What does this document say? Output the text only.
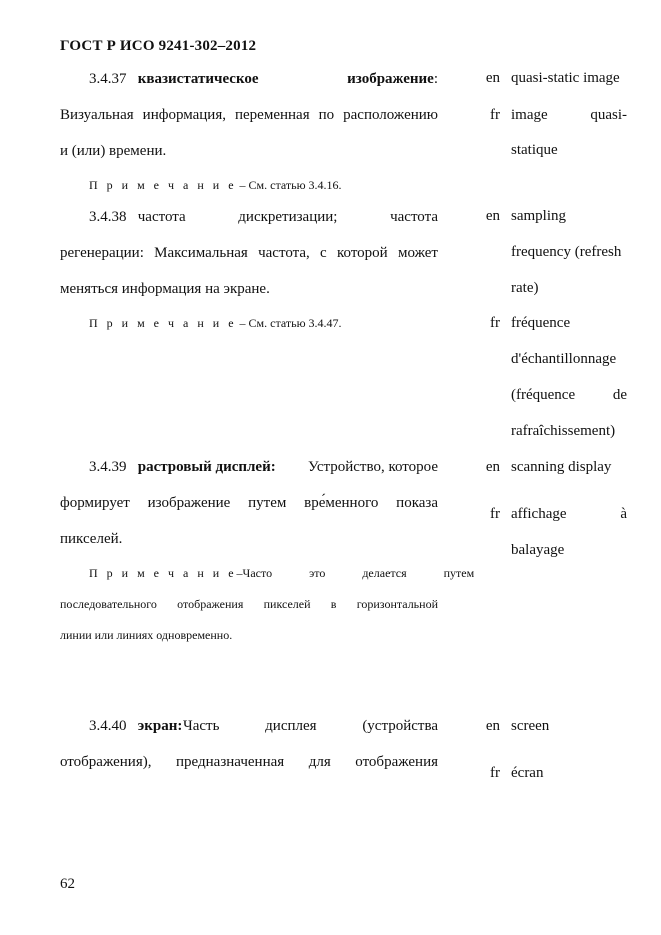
ГОСТ Р ИСО 9241-302–2012
3.4.37 квазистатическое	изображение:
Визуальная информация, переменная по расположению
и (или) времени.
П р и м е ч а н и е – См. статью 3.4.16.
en quasi-static image
fr image	quasi-
statique
3.4.38 частота	дискретизации;	частота
регенерации: Максимальная частота, с которой может
меняться информация на экране.
П р и м е ч а н и е – См. статью 3.4.47.
en sampling
frequency (refresh
rate)
fr fréquence
d'échantillonnage
(fréquence	de
rafraîchissement)
3.4.39 растровый дисплей: Устройство, которое
формирует изображение путем вре́менного показа
пикселей.
П р и м е ч а н и е – Часто это делается путем
последовательного отображения пикселей в горизонтальной
линии или линиях одновременно.
en scanning display
fr affichage	à
balayage
3.4.40 экран: Часть дисплея (устройства
отображения), предназначенная для отображения
en screen
fr écran
62
